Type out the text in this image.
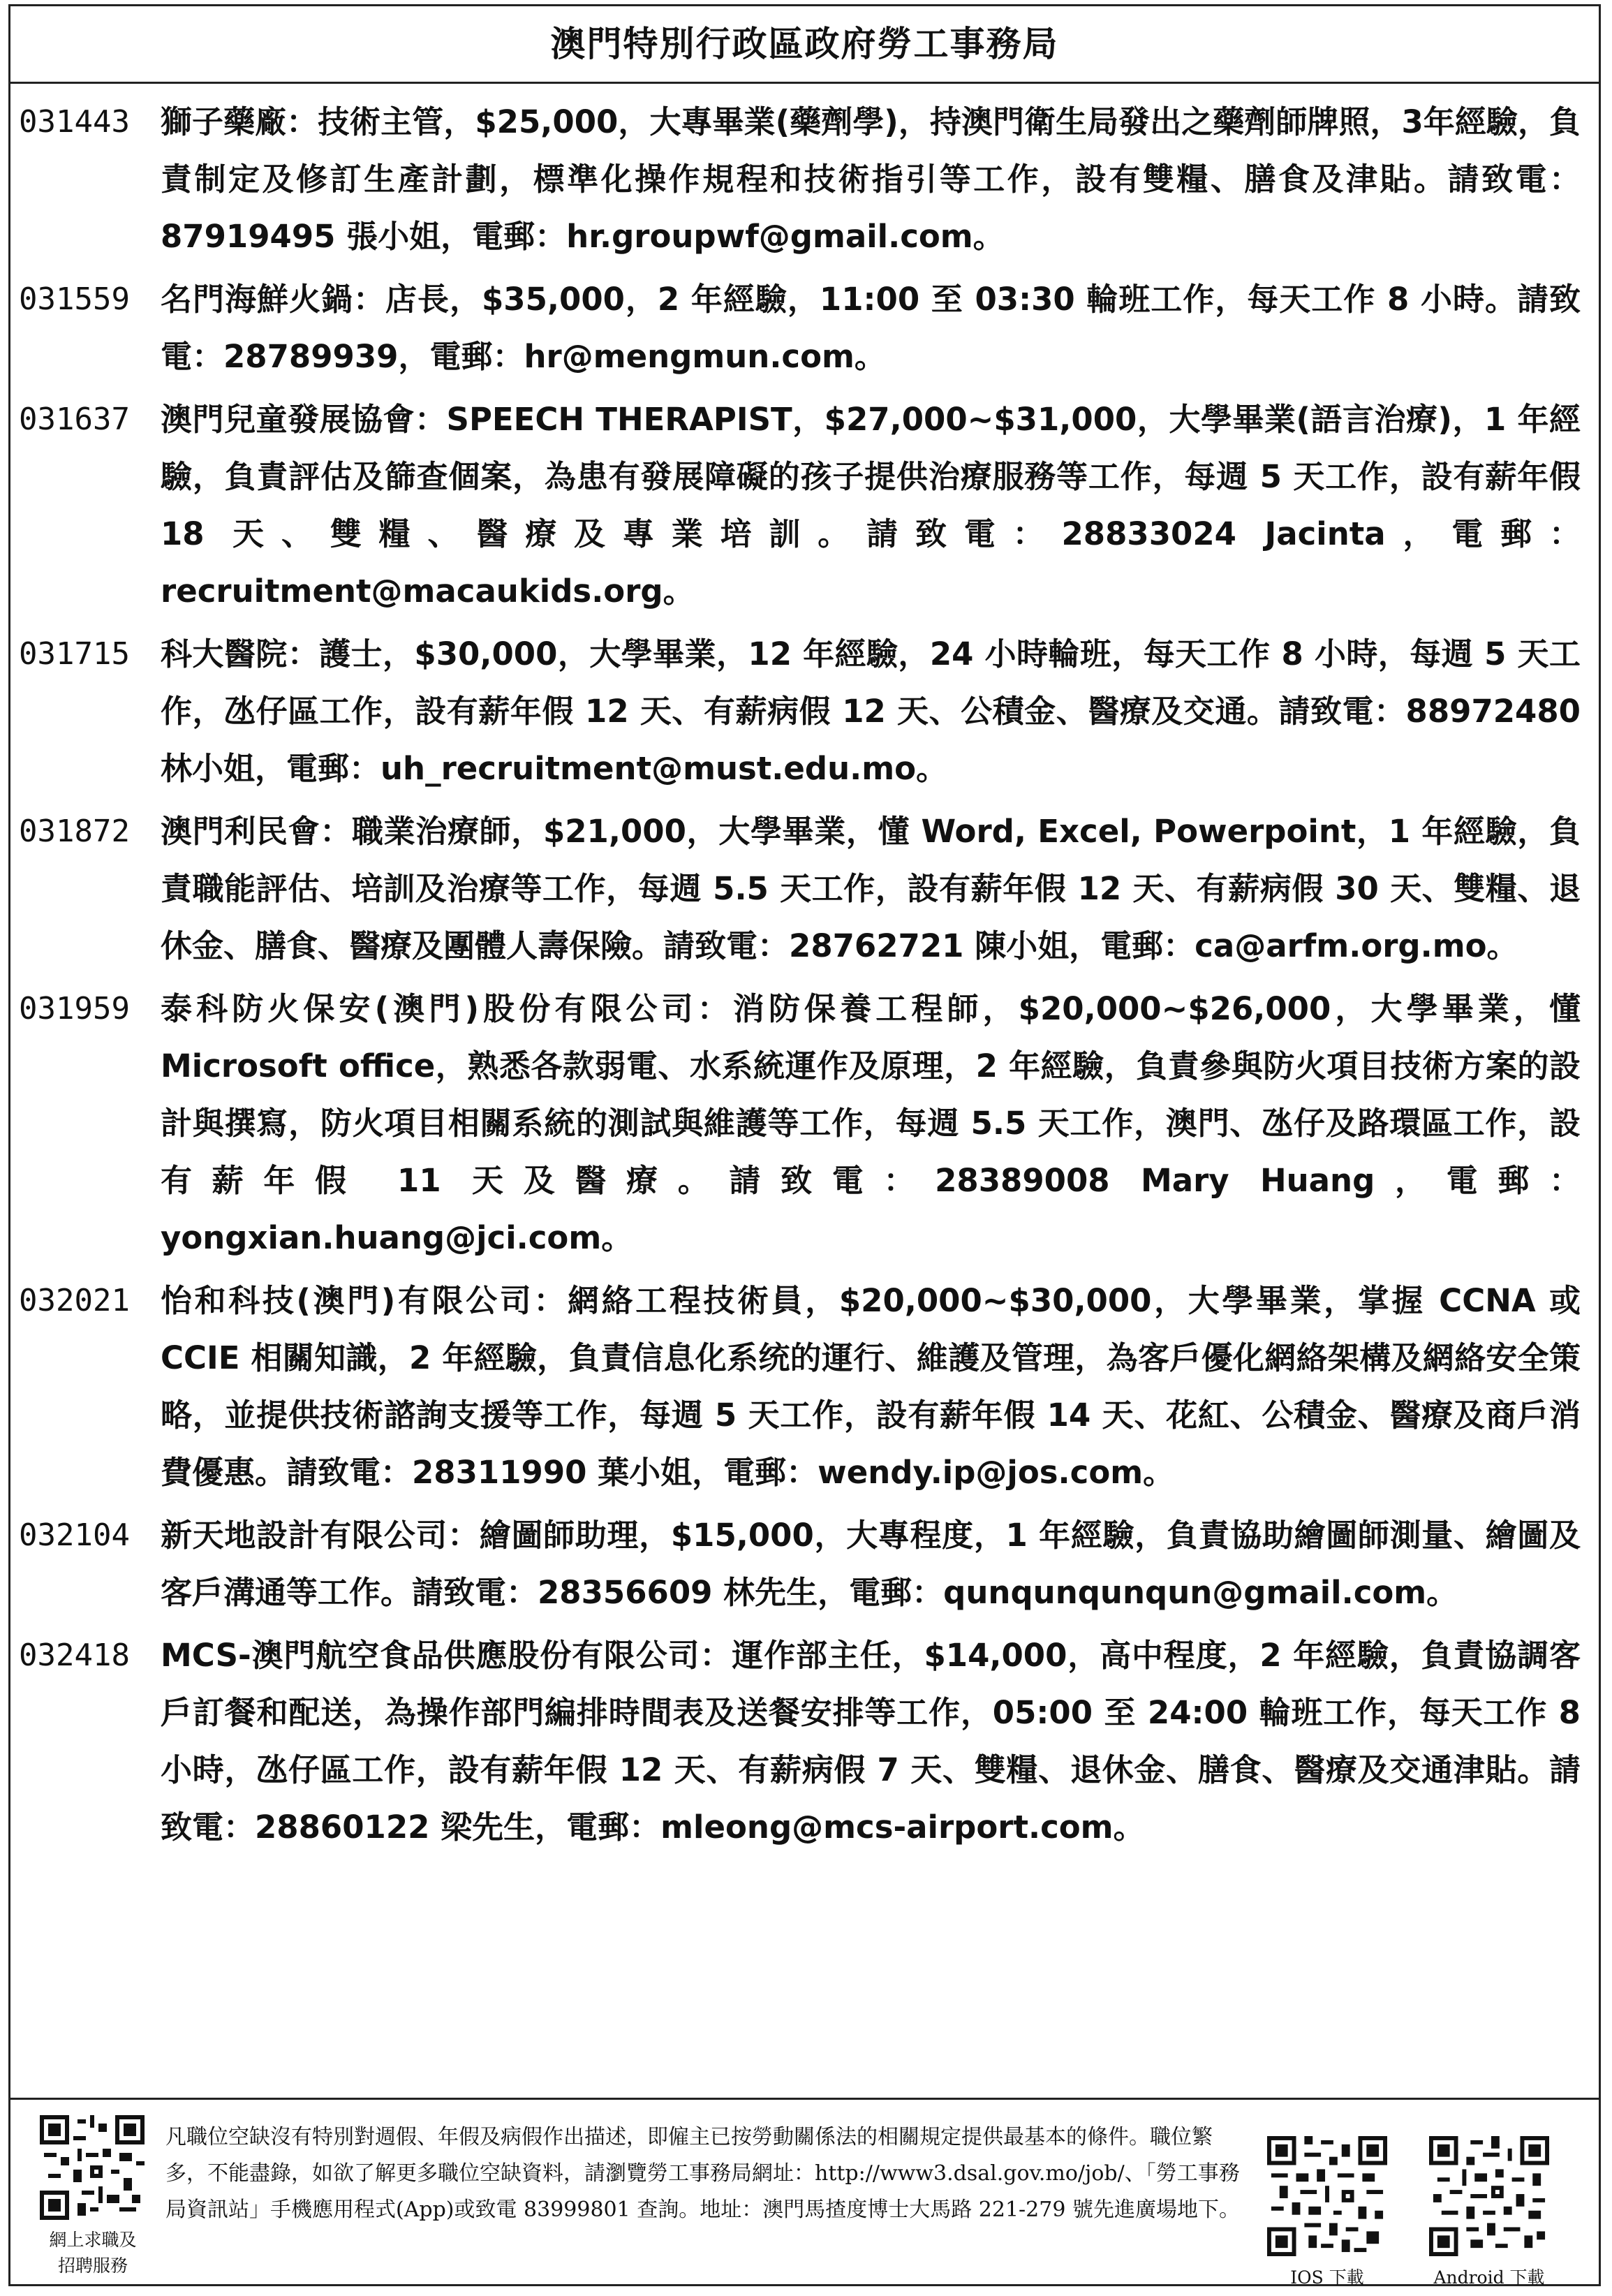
澳門特別行政區政府勞工事務局
031443 獅子藥廠：技術主管，$25,000，大專畢業(藥劑學)，持澳門衛生局發出之藥劑師牌照，3年經驗，負責制定及修訂生產計劃，標準化操作規程和技術指引等工作，設有雙糧、膳食及津貼。請致電：87919495 張小姐，電郵：hr.groupwf@gmail.com。
031559 名門海鮮火鍋：店長，$35,000，2 年經驗，11:00 至 03:30 輪班工作，每天工作 8 小時。請致電：28789939，電郵：hr@mengmun.com。
031637 澳門兒童發展協會：SPEECH THERAPIST，$27,000~$31,000，大學畢業(語言治療)，1 年經驗，負責評估及篩查個案，為患有發展障礙的孩子提供治療服務等工作，每週 5 天工作，設有薪年假 18 天、雙糧、醫療及專業培訓。請致電：28833024 Jacinta，電郵：recruitment@macaukids.org。
031715 科大醫院：護士，$30,000，大學畢業，12 年經驗，24 小時輪班，每天工作 8 小時，每週 5 天工作，氹仔區工作，設有薪年假 12 天、有薪病假 12 天、公積金、醫療及交通。請致電：88972480 林小姐，電郵：uh_recruitment@must.edu.mo。
031872 澳門利民會：職業治療師，$21,000，大學畢業，懂 Word, Excel, Powerpoint，1 年經驗，負責職能評估、培訓及治療等工作，每週 5.5 天工作，設有薪年假 12 天、有薪病假 30 天、雙糧、退休金、膳食、醫療及團體人壽保險。請致電：28762721 陳小姐，電郵：ca@arfm.org.mo。
031959 泰科防火保安(澳門)股份有限公司：消防保養工程師，$20,000~$26,000，大學畢業，懂 Microsoft office，熟悉各款弱電、水系統運作及原理，2 年經驗，負責參與防火項目技術方案的設計與撰寫，防火項目相關系統的測試與維護等工作，每週 5.5 天工作，澳門、氹仔及路環區工作，設有薪年假 11 天及醫療。請致電：28389008 Mary Huang，電郵：yongxian.huang@jci.com。
032021 怡和科技(澳門)有限公司：網絡工程技術員，$20,000~$30,000，大學畢業，掌握 CCNA 或 CCIE 相關知識，2 年經驗，負責信息化系统的運行、維護及管理，為客戶優化網絡架構及網絡安全策略，並提供技術諮詢支援等工作，每週 5 天工作，設有薪年假 14 天、花紅、公積金、醫療及商戶消費優惠。請致電：28311990 葉小姐，電郵：wendy.ip@jos.com。
032104 新天地設計有限公司：繪圖師助理，$15,000，大專程度，1 年經驗，負責協助繪圖師測量、繪圖及客戶溝通等工作。請致電：28356609 林先生，電郵：qunqunqunqun@gmail.com。
032418 MCS-澳門航空食品供應股份有限公司：運作部主任，$14,000，高中程度，2 年經驗，負責協調客戶訂餐和配送，為操作部門編排時間表及送餐安排等工作，05:00 至 24:00 輪班工作，每天工作 8 小時，氹仔區工作，設有薪年假 12 天、有薪病假 7 天、雙糧、退休金、膳食、醫療及交通津貼。請致電：28860122 梁先生，電郵：mleong@mcs-airport.com。
網上求職及
招聘服務
凡職位空缺沒有特別對週假、年假及病假作出描述，即僱主已按勞動關係法的相關規定提供最基本的條件。職位繁多，不能盡錄，如欲了解更多職位空缺資料，請瀏覽勞工事務局網址：http://www3.dsal.gov.mo/job/、「勞工事務局資訊站」手機應用程式(App)或致電 83999801 查詢。地址：澳門馬揸度博士大馬路 221-279 號先進廣場地下。
IOS 下載	Android 下載
